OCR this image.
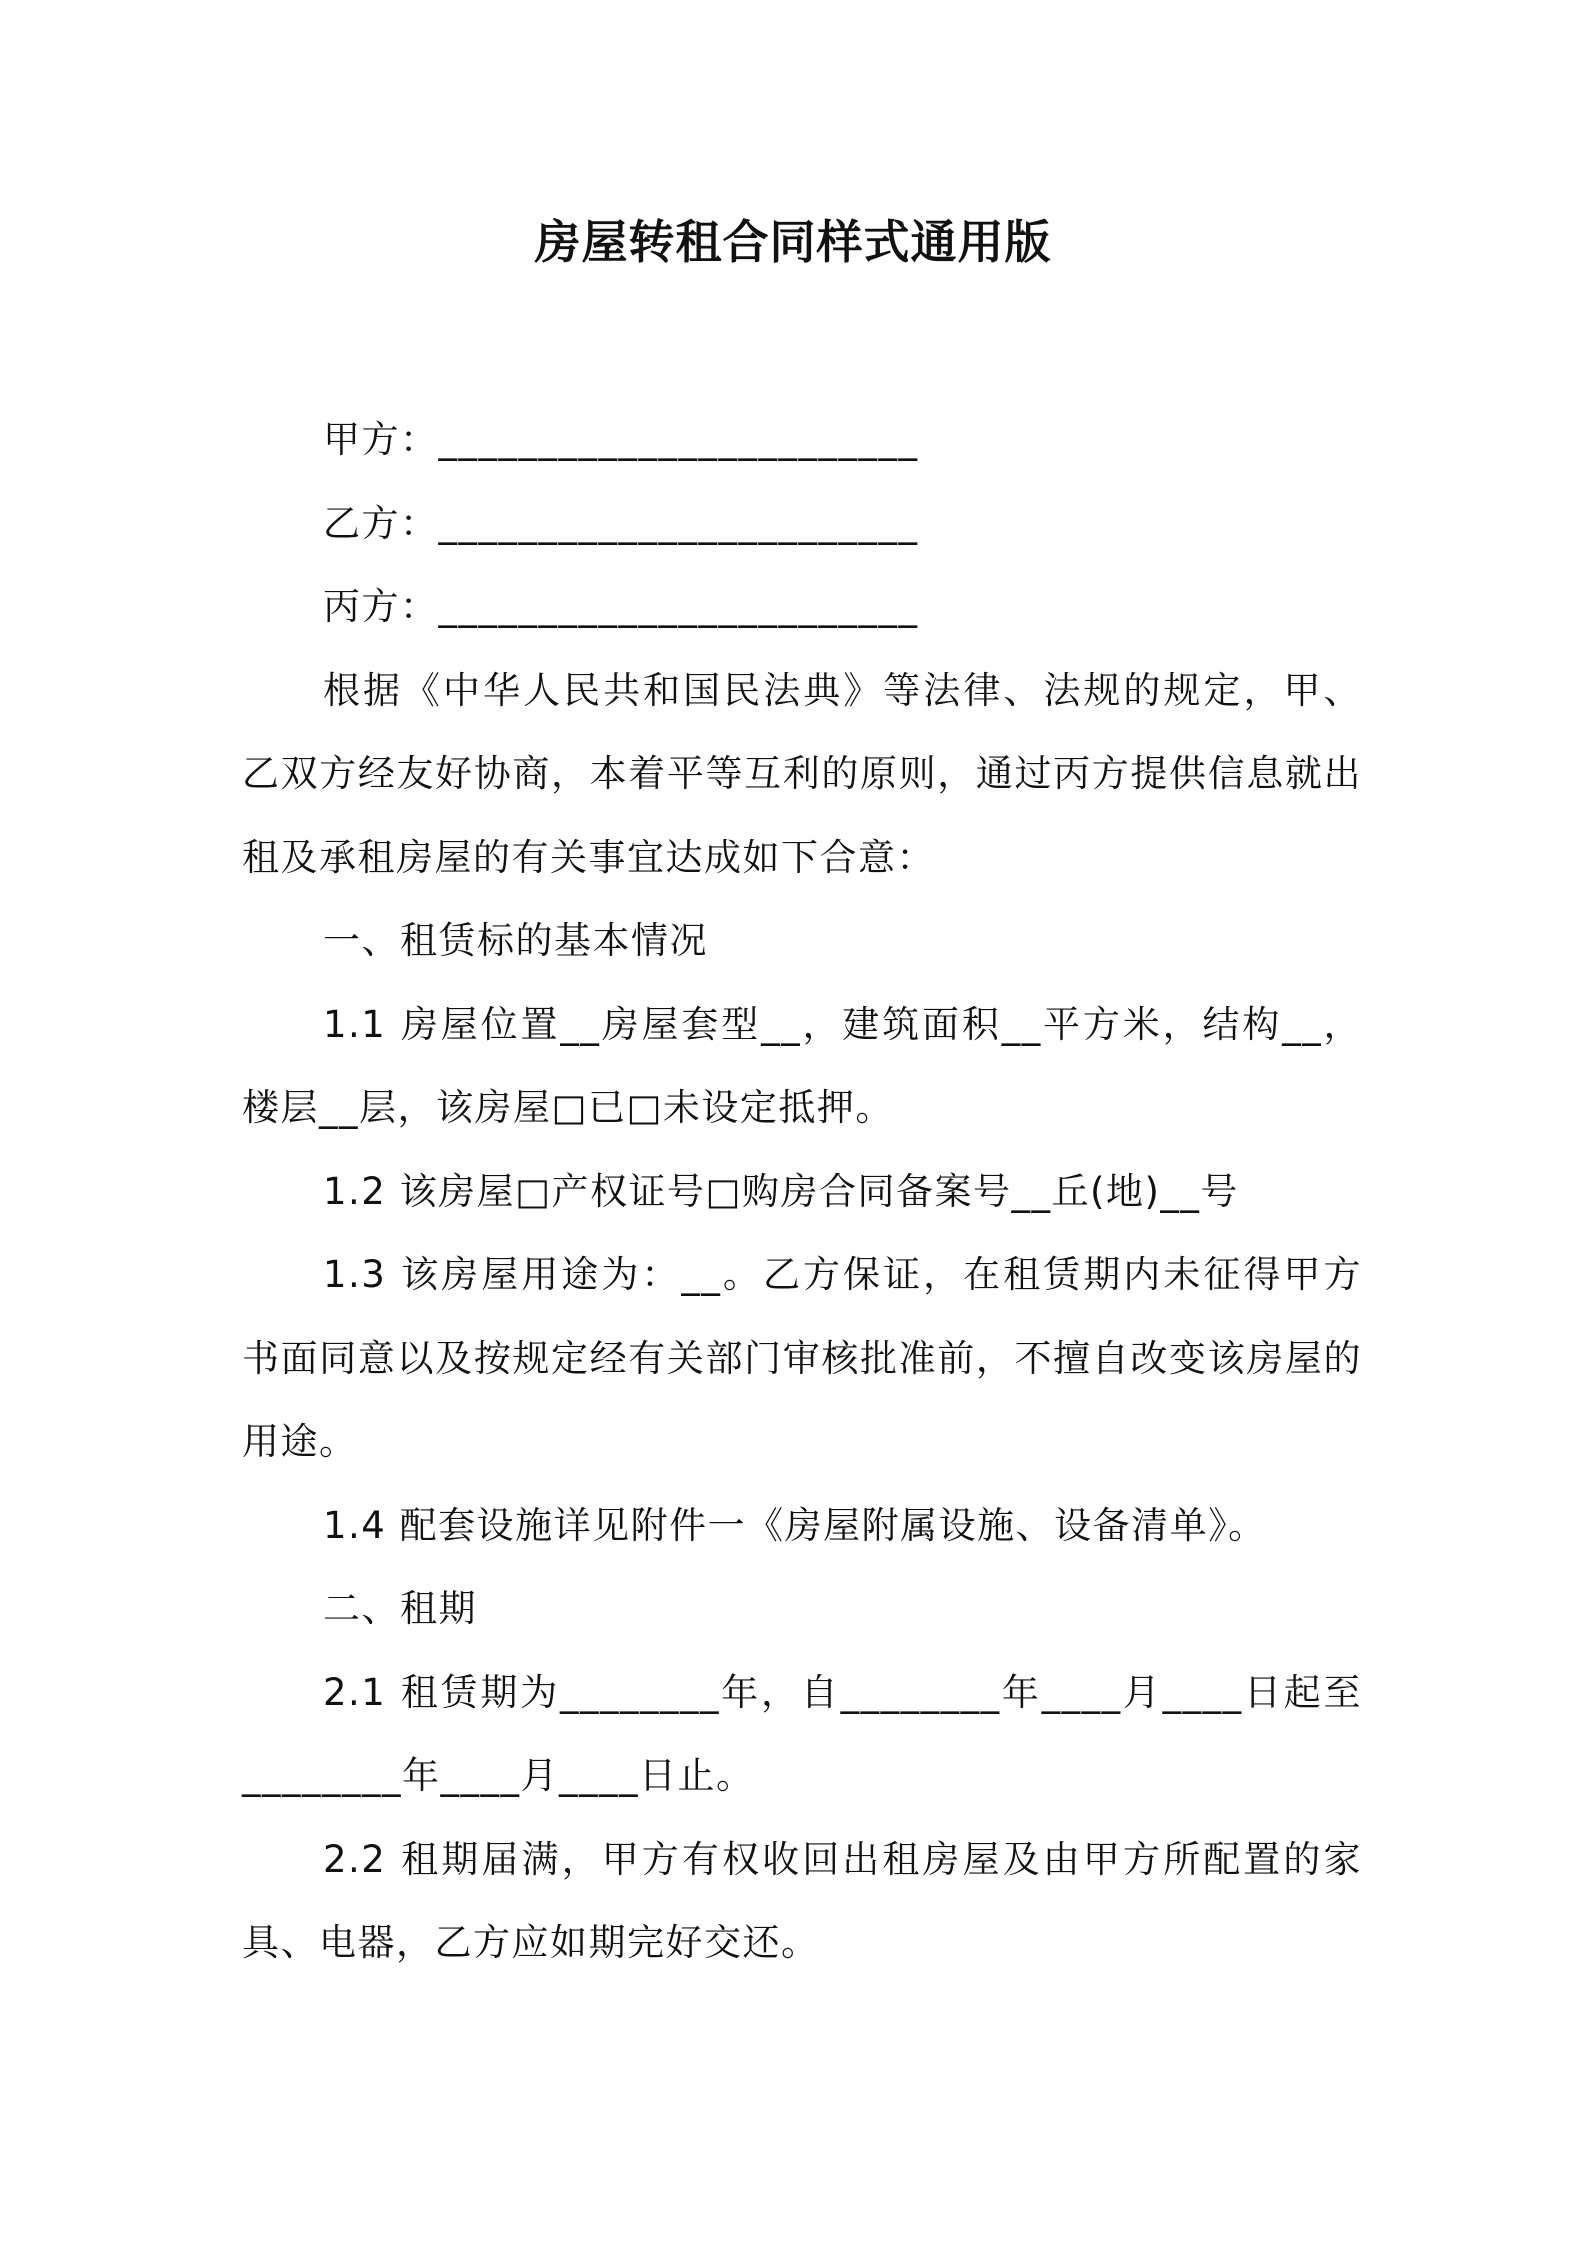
房屋转租合同样式通用版

甲方：________________________

乙方：________________________

丙方：________________________

根据《中华人民共和国民法典》等法律、法规的规定，甲、乙双方经友好协商，本着平等互利的原则，通过丙方提供信息就出租及承租房屋的有关事宜达成如下合意：

一、租赁标的基本情况

1.1 房屋位置__房屋套型__，建筑面积__平方米，结构__，楼层__层，该房屋□已□未设定抵押。

1.2 该房屋□产权证号□购房合同备案号__丘(地)__号

1.3 该房屋用途为：__。乙方保证，在租赁期内未征得甲方书面同意以及按规定经有关部门审核批准前，不擅自改变该房屋的用途。

1.4 配套设施详见附件一《房屋附属设施、设备清单》。

二、租期

2.1 租赁期为________年，自________年____月____日起至________年____月____日止。

2.2 租期届满，甲方有权收回出租房屋及由甲方所配置的家具、电器，乙方应如期完好交还。
